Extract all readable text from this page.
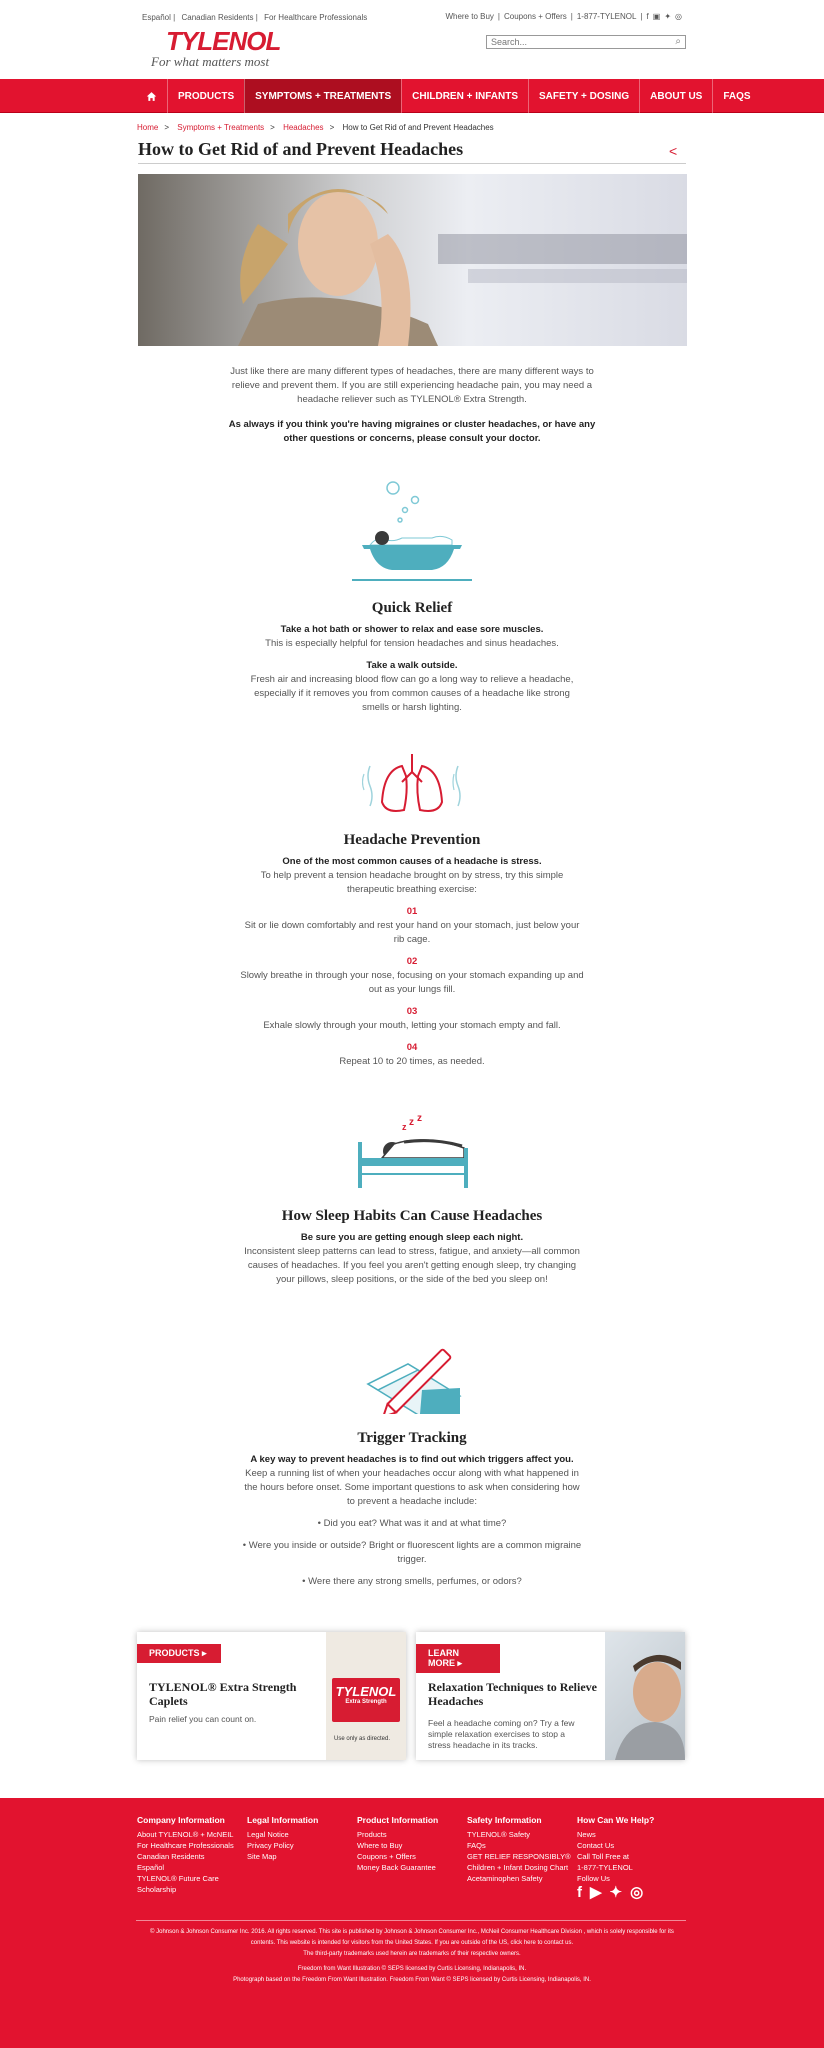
Español | Canadian Residents | For Healthcare Professionals	Where to Buy | Coupons + Offers | 1-877-TYLENOL | f ▣ ✦ ◎
TYLENOL
For what matters most
Search...	⌕
PRODUCTS	SYMPTOMS + TREATMENTS	CHILDREN + INFANTS	SAFETY + DOSING	ABOUT US	FAQS
Home > Symptoms + Treatments > Headaches > How to Get Rid of and Prevent Headaches
How to Get Rid of and Prevent Headaches	<
Just like there are many different types of headaches, there are many different ways to relieve and prevent them. If you are still experiencing headache pain, you may need a headache reliever such as TYLENOL® Extra Strength.
As always if you think you're having migraines or cluster headaches, or have any other questions or concerns, please consult your doctor.
Quick Relief
Take a hot bath or shower to relax and ease sore muscles.

This is especially helpful for tension headaches and sinus headaches.

Take a walk outside.

Fresh air and increasing blood flow can go a long way to relieve a headache, especially if it removes you from common causes of a headache like strong smells or harsh lighting.

Headache Prevention
One of the most common causes of a headache is stress.

To help prevent a tension headache brought on by stress, try this simple therapeutic breathing exercise:

01

Sit or lie down comfortably and rest your hand on your stomach, just below your rib cage.

02

Slowly breathe in through your nose, focusing on your stomach expanding up and out as your lungs fill.

03

Exhale slowly through your mouth, letting your stomach empty and fall.

04

Repeat 10 to 20 times, as needed.

z z z
How Sleep Habits Can Cause Headaches
Be sure you are getting enough sleep each night.

Inconsistent sleep patterns can lead to stress, fatigue, and anxiety—all common causes of headaches. If you feel you aren't getting enough sleep, try changing your pillows, sleep positions, or the side of the bed you sleep on!

Trigger Tracking
A key way to prevent headaches is to find out which triggers affect you.

Keep a running list of when your headaches occur along with what happened in the hours before onset. Some important questions to ask when considering how to prevent a headache include:

• Did you eat? What was it and at what time?

• Were you inside or outside? Bright or fluorescent lights are a common migraine trigger.

• Were there any strong smells, perfumes, or odors?

PRODUCTS ▸
TYLENOL® Extra Strength Caplets

Pain relief you can count on.

TYLENOL
Extra Strength
Use only as directed.
LEARN MORE ▸
Relaxation Techniques to Relieve Headaches

Feel a headache coming on? Try a few simple relaxation exercises to stop a stress headache in its tracks.

Company Information
About TYLENOL® + McNEIL
For Healthcare Professionals
Canadian Residents
Español
TYLENOL® Future Care Scholarship
Legal Information
Legal Notice
Privacy Policy
Site Map
Product Information
Products
Where to Buy
Coupons + Offers
Money Back Guarantee
Safety Information
TYLENOL® Safety
FAQs
GET RELIEF RESPONSIBLY®
Children + Infant Dosing Chart
Acetaminophen Safety
How Can We Help?
News
Contact Us
Call Toll Free at
1-877-TYLENOL
Follow Us
f ▶ ✦ ◎
© Johnson & Johnson Consumer Inc. 2016. All rights reserved. This site is published by Johnson & Johnson Consumer Inc., McNeil Consumer Healthcare Division , which is solely responsible for its contents. This website is intended for visitors from the United States. If you are outside of the US, click here to contact us.
The third-party trademarks used herein are trademarks of their respective owners.
Freedom from Want Illustration © SEPS licensed by Curtis Licensing, Indianapolis, IN.
Photograph based on the Freedom From Want Illustration. Freedom From Want © SEPS licensed by Curtis Licensing, Indianapolis, IN.
